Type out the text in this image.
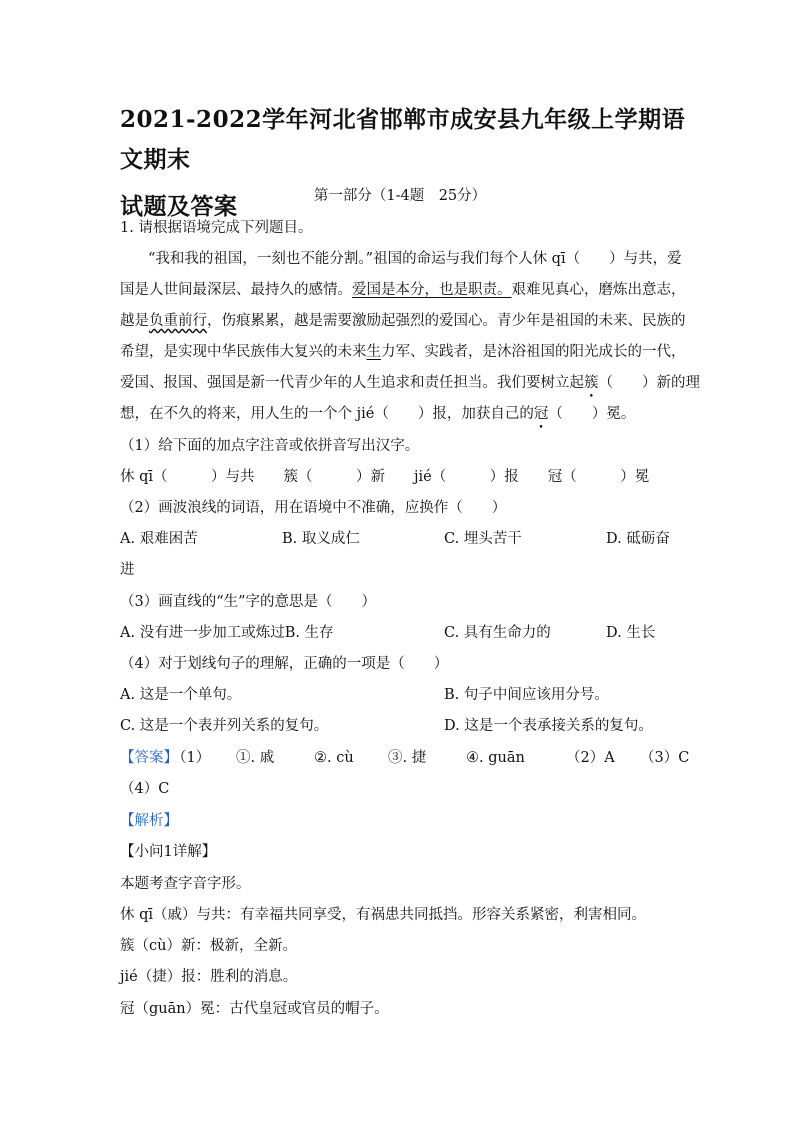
2021-2022学年河北省邯郸市成安县九年级上学期语文期末
试题及答案	第一部分（1-4题　25分）
1. 请根据语境完成下列题目。
“我和我的祖国，一刻也不能分割。”祖国的命运与我们每个人休 qī（　　）与共，爱
国是人世间最深层、最持久的感情。爱国是本分，也是职责。艰难见真心，磨炼出意志，
越是负重前行，伤痕累累，越是需要激励起强烈的爱国心。青少年是祖国的未来、民族的
希望，是实现中华民族伟大复兴的未来生力军、实践者，是沐浴祖国的阳光成长的一代，
爱国、报国、强国是新一代青少年的人生追求和责任担当。我们要树立起簇（　　）新的理
想，在不久的将来，用人生的一个个 jié（　　）报，加获自己的冠（　　）冕。
（1）给下面的加点字注音或依拼音写出汉字。
休 qī（　　　）与共　　簇（　　　）新　　jié（　　　）报　　冠（　　　）冕
（2）画波浪线的词语，用在语境中不准确，应换作（　　）
A. 艰难困苦	B. 取义成仁	C. 埋头苦干	D. 砥砺奋
进
（3）画直线的“生”字的意思是（　　）
A. 没有进一步加工或炼过B. 生存	C. 具有生命力的	D. 生长
（4）对于划线句子的理解，正确的一项是（　　）
A. 这是一个单句。	B. 句子中间应该用分号。
C. 这是一个表并列关系的复句。	D. 这是一个表承接关系的复句。
【答案】
（1） ①. 戚	②. cù ③. 捷	④. guān	（2）A （3）C
（4）C
【解析】
【小问1详解】
本题考查字音字形。
休 qī（戚）与共：有幸福共同享受，有祸患共同抵挡。形容关系紧密，利害相同。
簇（cù）新：极新，全新。
jié（捷）报：胜利的消息。
冠（guān）冕：古代皇冠或官员的帽子。
